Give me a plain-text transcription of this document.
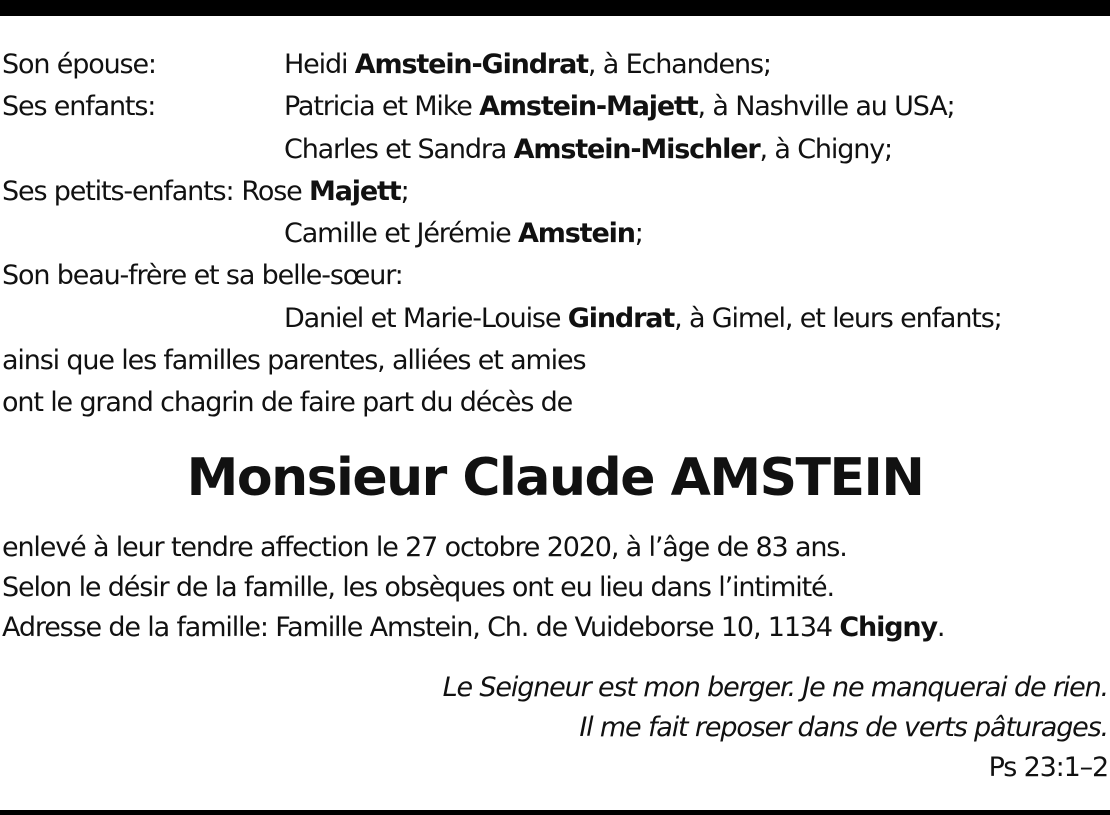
Son épouse:	Heidi Amstein-Gindrat, à Echandens;
Ses enfants:	Patricia et Mike Amstein-Majett, à Nashville au USA;
Charles et Sandra Amstein-Mischler, à Chigny;
Ses petits-enfants: Rose Majett;
Camille et Jérémie Amstein;
Son beau-frère et sa belle-sœur:
Daniel et Marie-Louise Gindrat, à Gimel, et leurs enfants;
ainsi que les familles parentes, alliées et amies
ont le grand chagrin de faire part du décès de
Monsieur Claude AMSTEIN
enlevé à leur tendre affection le 27 octobre 2020, à l’âge de 83 ans.
Selon le désir de la famille, les obsèques ont eu lieu dans l’intimité.
Adresse de la famille: Famille Amstein, Ch. de Vuideborse 10, 1134 Chigny.
Le Seigneur est mon berger. Je ne manquerai de rien.
Il me fait reposer dans de verts pâturages.
Ps 23:1–2
